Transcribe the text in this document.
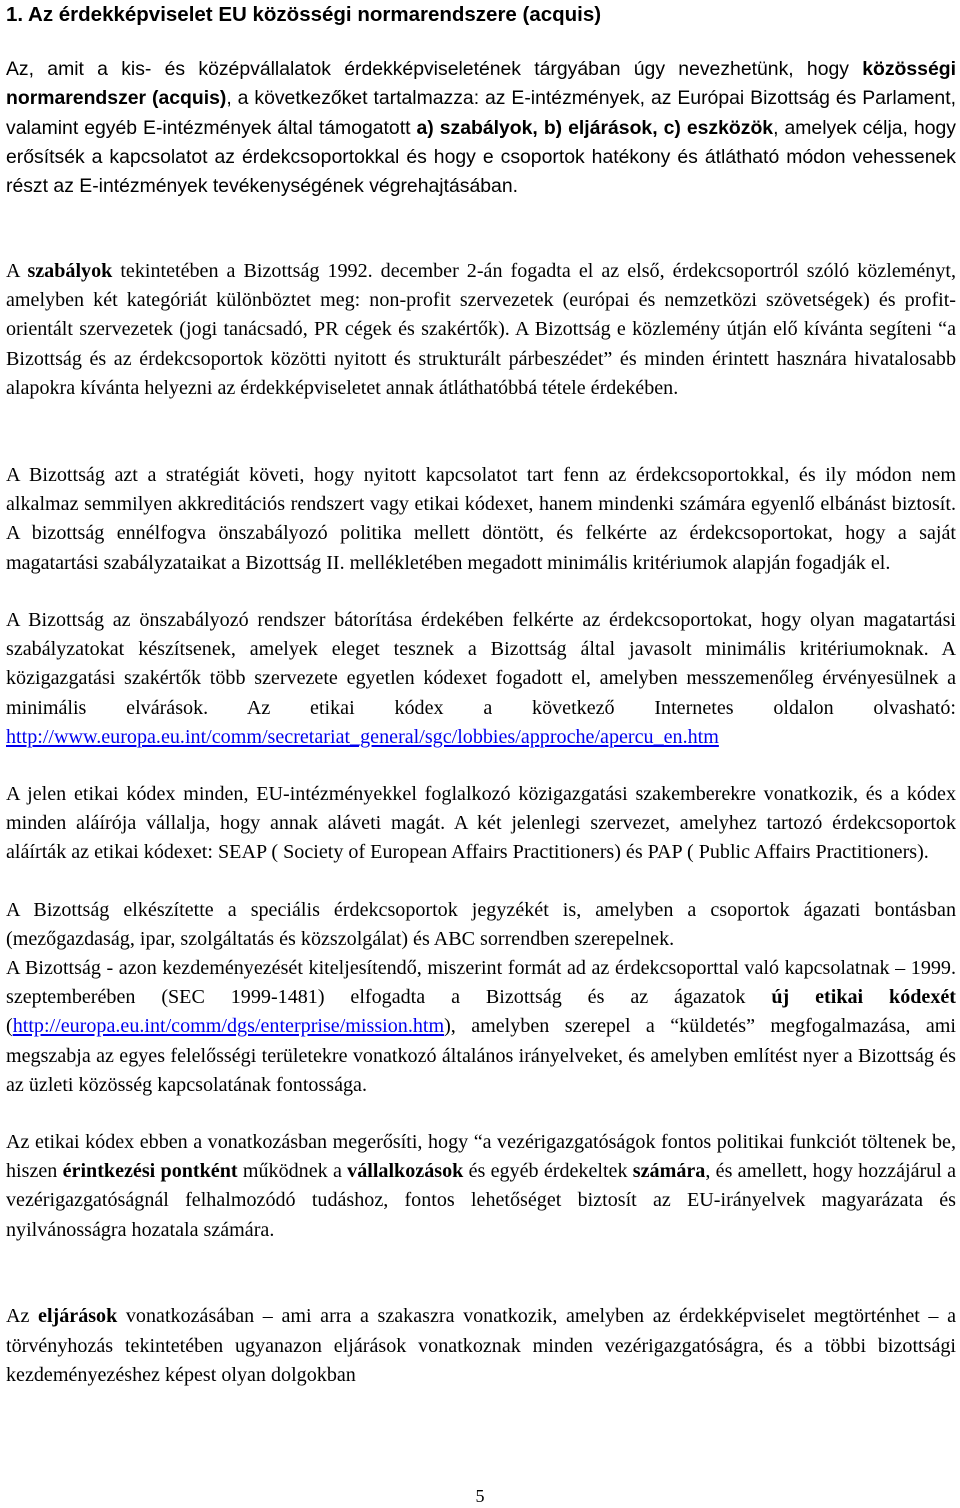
1. Az érdekképviselet EU közösségi normarendszere (acquis)

Az, amit a kis- és középvállalatok érdekképviseletének tárgyában úgy nevezhetünk, hogy közösségi normarendszer (acquis), a következőket tartalmazza: az E-intézmények, az Európai Bizottság és Parlament, valamint egyéb E-intézmények által támogatott a) szabályok, b) eljárások, c) eszközök, amelyek célja, hogy erősítsék a kapcsolatot az érdekcsoportokkal és hogy e csoportok hatékony és átlátható módon vehessenek részt az E-intézmények tevékenységének végrehajtásában.

A szabályok tekintetében a Bizottság 1992. december 2-án fogadta el az első, érdekcsoportról szóló közleményt, amelyben két kategóriát különböztet meg: non-profit szervezetek (európai és nemzetközi szövetségek) és profit-orientált szervezetek (jogi tanácsadó, PR cégek és szakértők). A Bizottság e közlemény útján elő kívánta segíteni “a Bizottság és az érdekcsoportok közötti nyitott és strukturált párbeszédet” és minden érintett hasznára hivatalosabb alapokra kívánta helyezni az érdekképviseletet annak átláthatóbbá tétele érdekében.

A Bizottság azt a stratégiát követi, hogy nyitott kapcsolatot tart fenn az érdekcsoportokkal, és ily módon nem alkalmaz semmilyen akkreditációs rendszert vagy etikai kódexet, hanem mindenki számára egyenlő elbánást biztosít. A bizottság ennélfogva önszabályozó politika mellett döntött, és felkérte az érdekcsoportokat, hogy a saját magatartási szabályzataikat a Bizottság II. mellékletében megadott minimális kritériumok alapján fogadják el.

A Bizottság az önszabályozó rendszer bátorítása érdekében felkérte az érdekcsoportokat, hogy olyan magatartási szabályzatokat készítsenek, amelyek eleget tesznek a Bizottság által javasolt minimális kritériumoknak. A közigazgatási szakértők több szervezete egyetlen kódexet fogadott el, amelyben messzemenőleg érvényesülnek a minimális elvárások. Az etikai kódex a következő Internetes oldalon olvasható: http://www.europa.eu.int/comm/secretariat_general/sgc/lobbies/approche/apercu_en.htm

A jelen etikai kódex minden, EU-intézményekkel foglalkozó közigazgatási szakemberekre vonatkozik, és a kódex minden aláírója vállalja, hogy annak aláveti magát. A két jelenlegi szervezet, amelyhez tartozó érdekcsoportok aláírták az etikai kódexet: SEAP ( Society of European Affairs Practitioners) és PAP ( Public Affairs Practitioners).

A Bizottság elkészítette a speciális érdekcsoportok jegyzékét is, amelyben a csoportok ágazati bontásban (mezőgazdaság, ipar, szolgáltatás és közszolgálat) és ABC sorrendben szerepelnek.

A Bizottság - azon kezdeményezését kiteljesítendő, miszerint formát ad az érdekcsoporttal való kapcsolatnak – 1999. szeptemberében (SEC 1999-1481) elfogadta a Bizottság és az ágazatok új etikai kódexét (http://europa.eu.int/comm/dgs/enterprise/mission.htm), amelyben szerepel a “küldetés” megfogalmazása, ami megszabja az egyes felelősségi területekre vonatkozó általános irányelveket, és amelyben említést nyer a Bizottság és az üzleti közösség kapcsolatának fontossága.

Az etikai kódex ebben a vonatkozásban megerősíti, hogy “a vezérigazgatóságok fontos politikai funkciót töltenek be, hiszen érintkezési pontként működnek a vállalkozások és egyéb érdekeltek számára, és amellett, hogy hozzájárul a vezérigazgatóságnál felhalmozódó tudáshoz, fontos lehetőséget biztosít az EU-irányelvek magyarázata és nyilvánosságra hozatala számára.

Az eljárások vonatkozásában – ami arra a szakaszra vonatkozik, amelyben az érdekképviselet megtörténhet – a törvényhozás tekintetében ugyanazon eljárások vonatkoznak minden vezérigazgatóságra, és a többi bizottsági kezdeményezéshez képest olyan dolgokban

5
